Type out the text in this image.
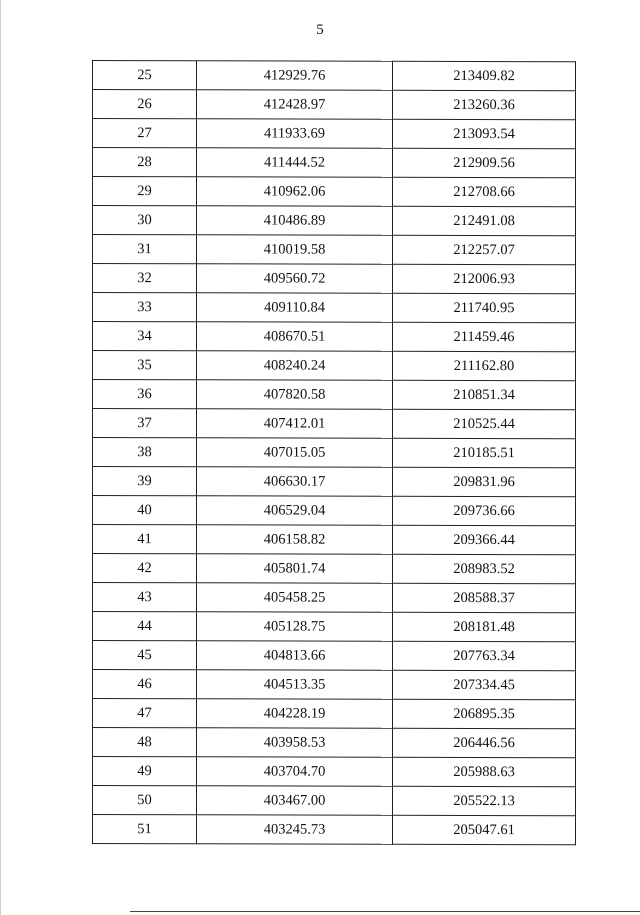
5
25	412929.76	213409.82
26	412428.97	213260.36
27	411933.69	213093.54
28	411444.52	212909.56
29	410962.06	212708.66
30	410486.89	212491.08
31	410019.58	212257.07
32	409560.72	212006.93
33	409110.84	211740.95
34	408670.51	211459.46
35	408240.24	211162.80
36	407820.58	210851.34
37	407412.01	210525.44
38	407015.05	210185.51
39	406630.17	209831.96
40	406529.04	209736.66
41	406158.82	209366.44
42	405801.74	208983.52
43	405458.25	208588.37
44	405128.75	208181.48
45	404813.66	207763.34
46	404513.35	207334.45
47	404228.19	206895.35
48	403958.53	206446.56
49	403704.70	205988.63
50	403467.00	205522.13
51	403245.73	205047.61
